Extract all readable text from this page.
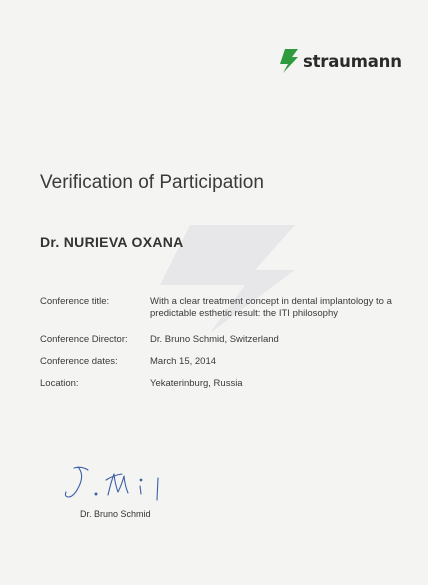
straumann
Verification of Participation
Dr. NURIEVA OXANA
Conference title:	With a clear treatment concept in dental implantology to a predictable esthetic result: the ITI philosophy
Conference Director: Dr. Bruno Schmid, Switzerland
Conference dates:	March 15, 2014
Location:	Yekaterinburg, Russia
Dr. Bruno Schmid
